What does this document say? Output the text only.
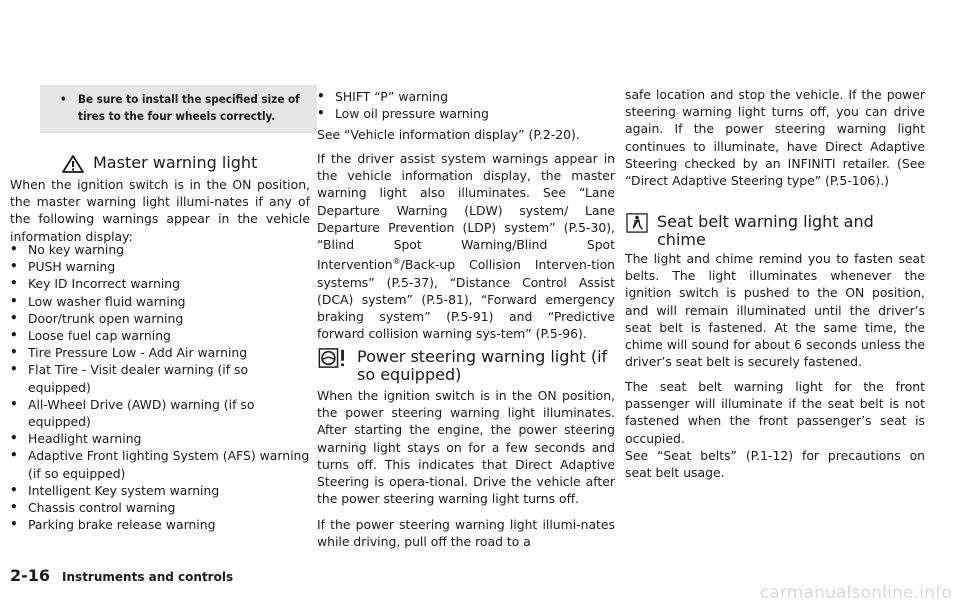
• Be sure to install the specified size of tires to the four wheels correctly.
Master warning light

When the ignition switch is in the ON position, the master warning light illumi-nates if any of the following warnings appear in the vehicle information display:

• No key warning
• PUSH warning
• Key ID Incorrect warning
• Low washer fluid warning
• Door/trunk open warning
• Loose fuel cap warning
• Tire Pressure Low - Add Air warning
• Flat Tire - Visit dealer warning (if so equipped)
• All-Wheel Drive (AWD) warning (if so equipped)
• Headlight warning
• Adaptive Front lighting System (AFS) warning (if so equipped)
• Intelligent Key system warning
• Chassis control warning
• Parking brake release warning
• SHIFT “P” warning
• Low oil pressure warning

See “Vehicle information display” (P.2-20).

If the driver assist system warnings appear in the vehicle information display, the master warning light also illuminates. See “Lane Departure Warning (LDW) system/ Lane Departure Prevention (LDP) system” (P.5-30), “Blind Spot Warning/Blind Spot Intervention®/Back-up Collision Interven-tion systems” (P.5-37), “Distance Control Assist (DCA) system” (P.5-81), “Forward emergency braking system” (P.5-91) and “Predictive forward collision warning sys-tem” (P.5-96).

Power steering warning light (if so equipped)

When the ignition switch is in the ON position, the power steering warning light illuminates. After starting the engine, the power steering warning light stays on for a few seconds and turns off. This indicates that Direct Adaptive Steering is opera-tional. Drive the vehicle after the power steering warning light turns off.

If the power steering warning light illumi-nates while driving, pull off the road to a

safe location and stop the vehicle. If the power steering warning light turns off, you can drive again. If the power steering warning light continues to illuminate, have Direct Adaptive Steering checked by an INFINITI retailer. (See “Direct Adaptive Steering type” (P.5-106).)

Seat belt warning light and chime

The light and chime remind you to fasten seat belts. The light illuminates whenever the ignition switch is pushed to the ON position, and will remain illuminated until the driver’s seat belt is fastened. At the same time, the chime will sound for about 6 seconds unless the driver’s seat belt is securely fastened.

The seat belt warning light for the front passenger will illuminate if the seat belt is not fastened when the front passenger’s seat is occupied.

See “Seat belts” (P.1-12) for precautions on seat belt usage.

2-16 Instruments and controls
carmanualsonline.info
